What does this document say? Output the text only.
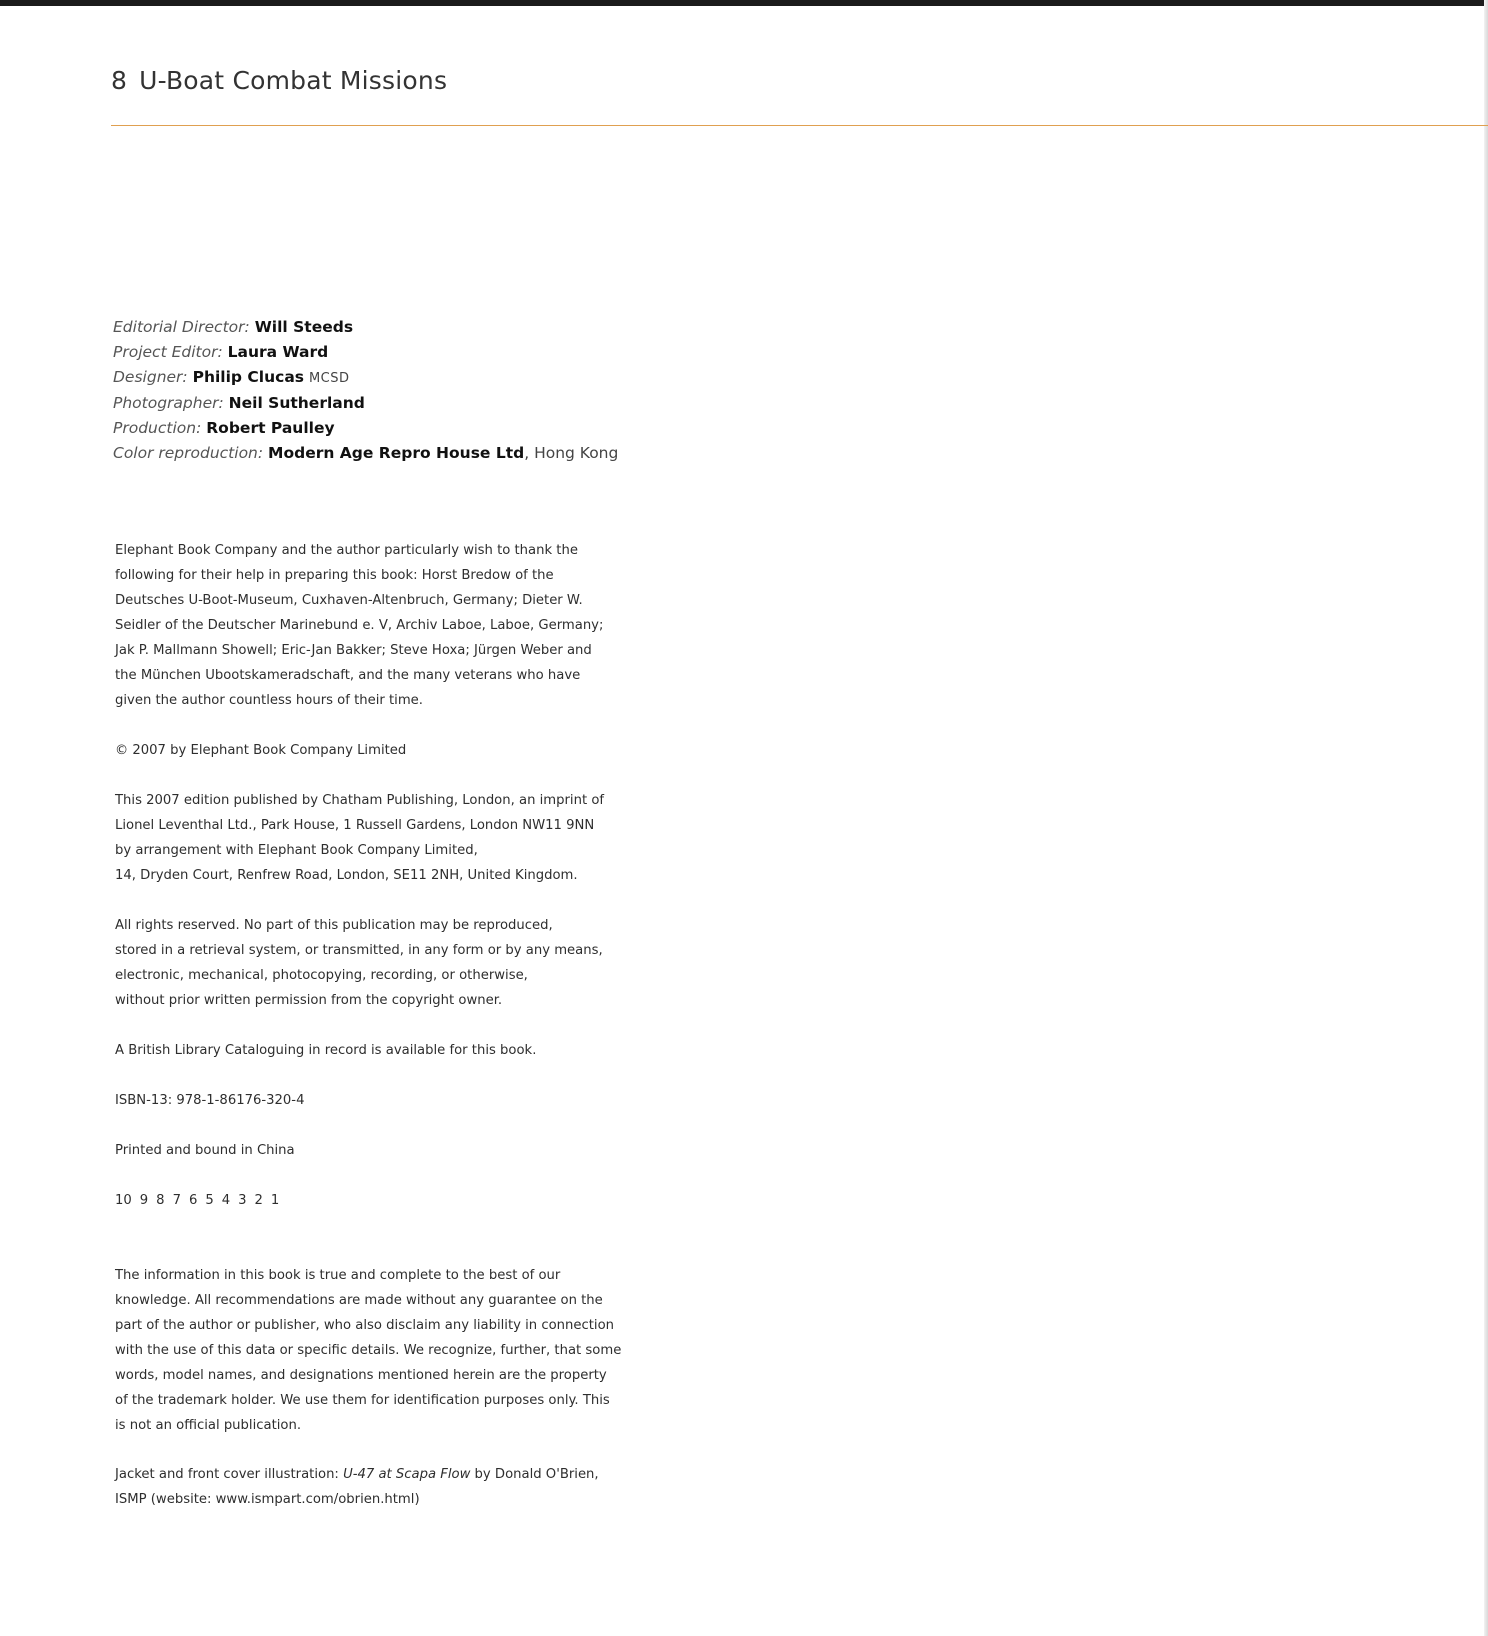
8 U-Boat Combat Missions
Editorial Director: Will Steeds
Project Editor: Laura Ward
Designer: Philip Clucas MCSD
Photographer: Neil Sutherland
Production: Robert Paulley
Color reproduction: Modern Age Repro House Ltd, Hong Kong
Elephant Book Company and the author particularly wish to thank the
following for their help in preparing this book: Horst Bredow of the
Deutsches U-Boot-Museum, Cuxhaven-Altenbruch, Germany; Dieter W.
Seidler of the Deutscher Marinebund e. V, Archiv Laboe, Laboe, Germany;
Jak P. Mallmann Showell; Eric-Jan Bakker; Steve Hoxa; Jürgen Weber and
the München Ubootskameradschaft, and the many veterans who have
given the author countless hours of their time.
© 2007 by Elephant Book Company Limited
This 2007 edition published by Chatham Publishing, London, an imprint of
Lionel Leventhal Ltd., Park House, 1 Russell Gardens, London NW11 9NN
by arrangement with Elephant Book Company Limited,
14, Dryden Court, Renfrew Road, London, SE11 2NH, United Kingdom.
All rights reserved. No part of this publication may be reproduced,
stored in a retrieval system, or transmitted, in any form or by any means,
electronic, mechanical, photocopying, recording, or otherwise,
without prior written permission from the copyright owner.
A British Library Cataloguing in record is available for this book.
ISBN-13: 978-1-86176-320-4
Printed and bound in China
10 9 8 7 6 5 4 3 2 1
The information in this book is true and complete to the best of our
knowledge. All recommendations are made without any guarantee on the
part of the author or publisher, who also disclaim any liability in connection
with the use of this data or specific details. We recognize, further, that some
words, model names, and designations mentioned herein are the property
of the trademark holder. We use them for identification purposes only. This
is not an official publication.
Jacket and front cover illustration: U-47 at Scapa Flow by Donald O'Brien,
ISMP (website: www.ismpart.com/obrien.html)
